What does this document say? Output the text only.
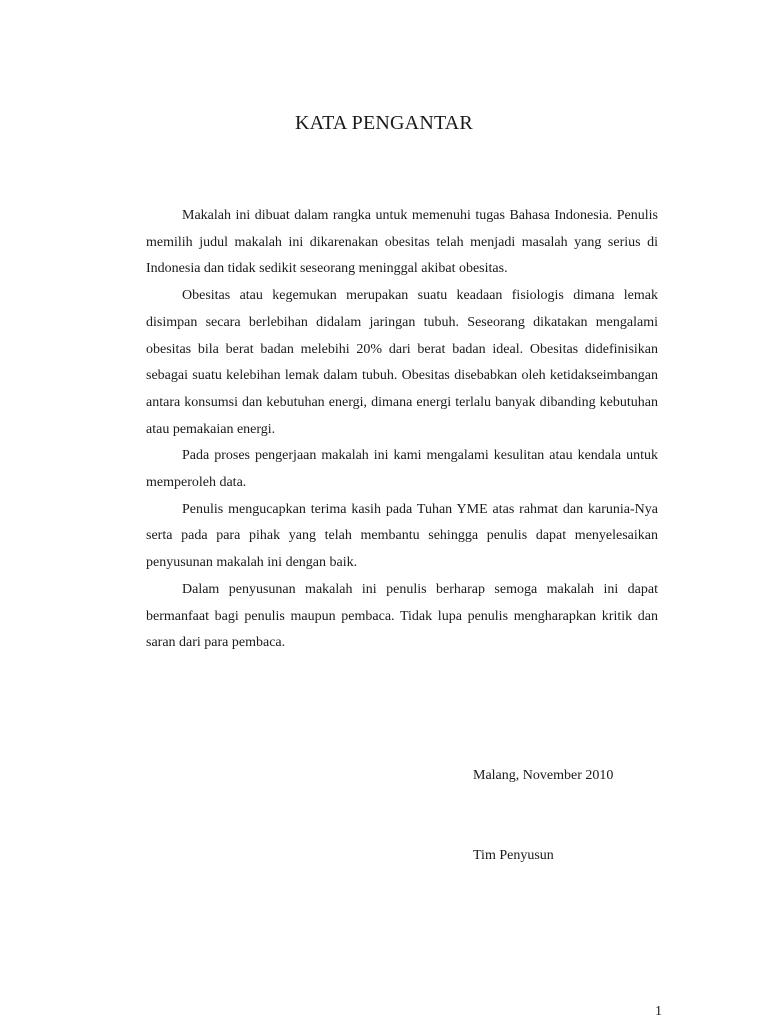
KATA PENGANTAR

Makalah ini dibuat dalam rangka untuk memenuhi tugas Bahasa Indonesia. Penulis memilih judul makalah ini dikarenakan obesitas telah menjadi masalah yang serius di Indonesia dan tidak sedikit seseorang meninggal akibat obesitas.

Obesitas atau kegemukan merupakan suatu keadaan fisiologis dimana lemak disimpan secara berlebihan didalam jaringan tubuh. Seseorang dikatakan mengalami obesitas bila berat badan melebihi 20% dari berat badan ideal. Obesitas didefinisikan sebagai suatu kelebihan lemak dalam tubuh. Obesitas disebabkan oleh ketidakseimbangan antara konsumsi dan kebutuhan energi, dimana energi terlalu banyak dibanding kebutuhan atau pemakaian energi.

Pada proses pengerjaan makalah ini kami mengalami kesulitan atau kendala untuk memperoleh data.

Penulis mengucapkan terima kasih pada Tuhan YME atas rahmat dan karunia-Nya serta pada para pihak yang telah membantu sehingga penulis dapat menyelesaikan penyusunan makalah ini dengan baik.

Dalam penyusunan makalah ini penulis berharap semoga makalah ini dapat bermanfaat bagi penulis maupun pembaca. Tidak lupa penulis mengharapkan kritik dan saran dari para pembaca.

Malang, November 2010
Tim Penyusun
1
